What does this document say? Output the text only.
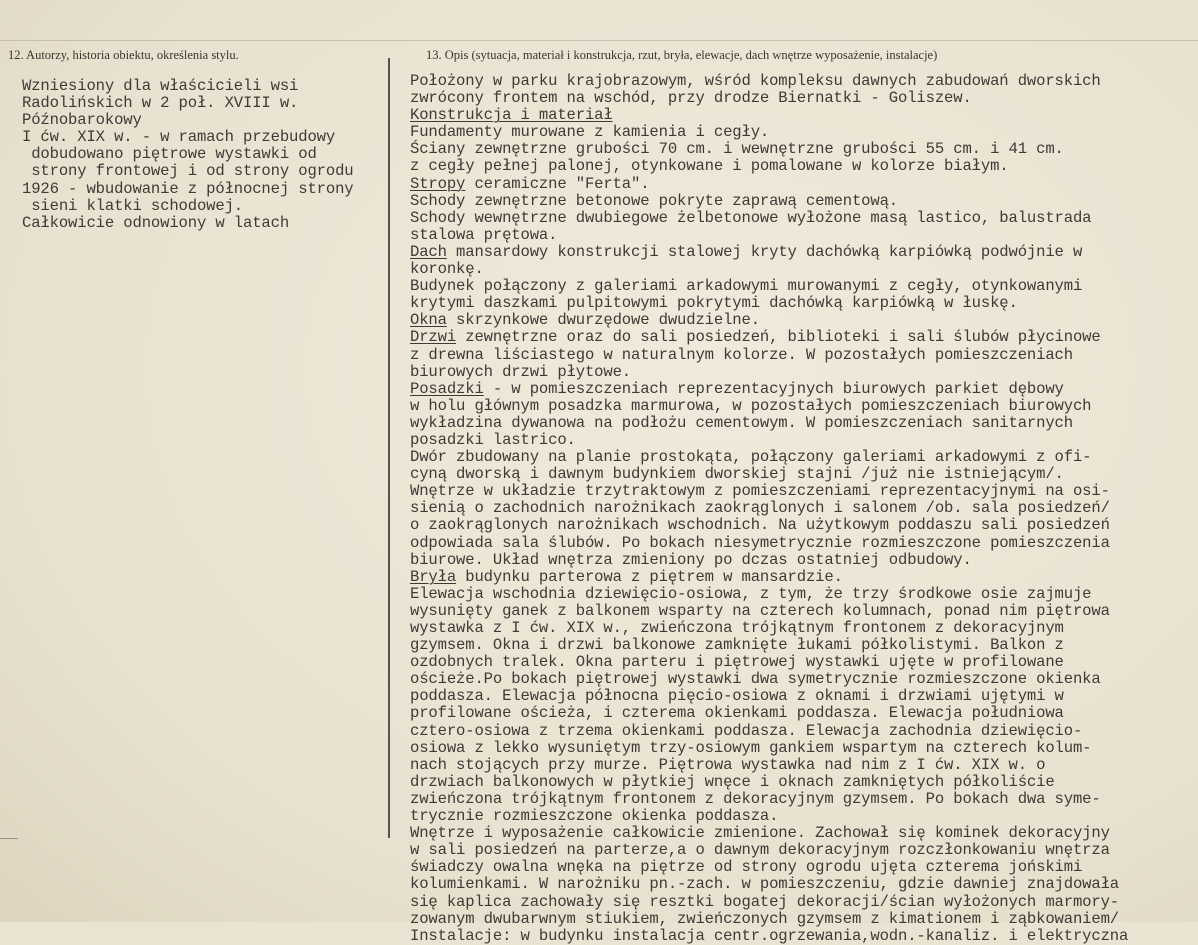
12. Autorzy, historia obiektu, określenia stylu.	13. Opis (sytuacja, materiał i konstrukcja, rzut, bryła, elewacje, dach wnętrze wyposażenie, instalacje)
Wzniesiony dla właścicieli wsi
Radolińskich w 2 poł. XVIII w.
Późnobarokowy
I ćw. XIX w. - w ramach przebudowy
dobudowano piętrowe wystawki od
strony frontowej i od strony ogrodu
1926 - wbudowanie z północnej strony
sieni klatki schodowej.
Całkowicie odnowiony w latach
Położony w parku krajobrazowym, wśród kompleksu dawnych zabudowań dworskich
zwrócony frontem na wschód, przy drodze Biernatki - Goliszew.
Konstrukcja i materiał
Fundamenty murowane z kamienia i cegły.
Ściany zewnętrzne grubości 70 cm. i wewnętrzne grubości 55 cm. i 41 cm.
z cegły pełnej palonej, otynkowane i pomalowane w kolorze białym.
Stropy ceramiczne "Ferta".
Schody zewnętrzne betonowe pokryte zaprawą cementową.
Schody wewnętrzne dwubiegowe żelbetonowe wyłożone masą lastico, balustrada
stalowa prętowa.
Dach mansardowy konstrukcji stalowej kryty dachówką karpiówką podwójnie w
koronkę.
Budynek połączony z galeriami arkadowymi murowanymi z cegły, otynkowanymi
krytymi daszkami pulpitowymi pokrytymi dachówką karpiówką w łuskę.
Okna skrzynkowe dwurzędowe dwudzielne.
Drzwi zewnętrzne oraz do sali posiedzeń, biblioteki i sali ślubów płycinowe
z drewna liściastego w naturalnym kolorze. W pozostałych pomieszczeniach
biurowych drzwi płytowe.
Posadzki - w pomieszczeniach reprezentacyjnych biurowych parkiet dębowy
w holu głównym posadzka marmurowa, w pozostałych pomieszczeniach biurowych
wykładzina dywanowa na podłożu cementowym. W pomieszczeniach sanitarnych
posadzki lastrico.
Dwór zbudowany na planie prostokąta, połączony galeriami arkadowymi z ofi-
cyną dworską i dawnym budynkiem dworskiej stajni /już nie istniejącym/.
Wnętrze w układzie trzytraktowym z pomieszczeniami reprezentacyjnymi na osi-
sienią o zachodnich narożnikach zaokrąglonych i salonem /ob. sala posiedzeń/
o zaokrąglonych narożnikach wschodnich. Na użytkowym poddaszu sali posiedzeń
odpowiada sala ślubów. Po bokach niesymetrycznie rozmieszczone pomieszczenia
biurowe. Układ wnętrza zmieniony po dczas ostatniej odbudowy.
Bryła budynku parterowa z piętrem w mansardzie.
Elewacja wschodnia dziewięcio-osiowa, z tym, że trzy środkowe osie zajmuje
wysunięty ganek z balkonem wsparty na czterech kolumnach, ponad nim piętrowa
wystawka z I ćw. XIX w., zwieńczona trójkątnym frontonem z dekoracyjnym
gzymsem. Okna i drzwi balkonowe zamknięte łukami półkolistymi. Balkon z
ozdobnych tralek. Okna parteru i piętrowej wystawki ujęte w profilowane
ościeże.Po bokach piętrowej wystawki dwa symetrycznie rozmieszczone okienka
poddasza. Elewacja północna pięcio-osiowa z oknami i drzwiami ujętymi w
profilowane ościeża, i czterema okienkami poddasza. Elewacja południowa
cztero-osiowa z trzema okienkami poddasza. Elewacja zachodnia dziewięcio-
osiowa z lekko wysuniętym trzy-osiowym gankiem wspartym na czterech kolum-
nach stojących przy murze. Piętrowa wystawka nad nim z I ćw. XIX w. o
drzwiach balkonowych w płytkiej wnęce i oknach zamkniętych półkoliście
zwieńczona trójkątnym frontonem z dekoracyjnym gzymsem. Po bokach dwa syme-
trycznie rozmieszczone okienka poddasza.
Wnętrze i wyposażenie całkowicie zmienione. Zachował się kominek dekoracyjny
w sali posiedzeń na parterze,a o dawnym dekoracyjnym rozczłonkowaniu wnętrza
świadczy owalna wnęka na piętrze od strony ogrodu ujęta czterema jońskimi
kolumienkami. W narożniku pn.-zach. w pomieszczeniu, gdzie dawniej znajdowała
się kaplica zachowały się resztki bogatej dekoracji/ścian wyłożonych marmory-
zowanym dwubarwnym stiukiem, zwieńczonych gzymsem z kimationem i ząbkowaniem/
Instalacje: w budynku instalacja centr.ogrzewania,wodn.-kanaliz. i elektryczna
